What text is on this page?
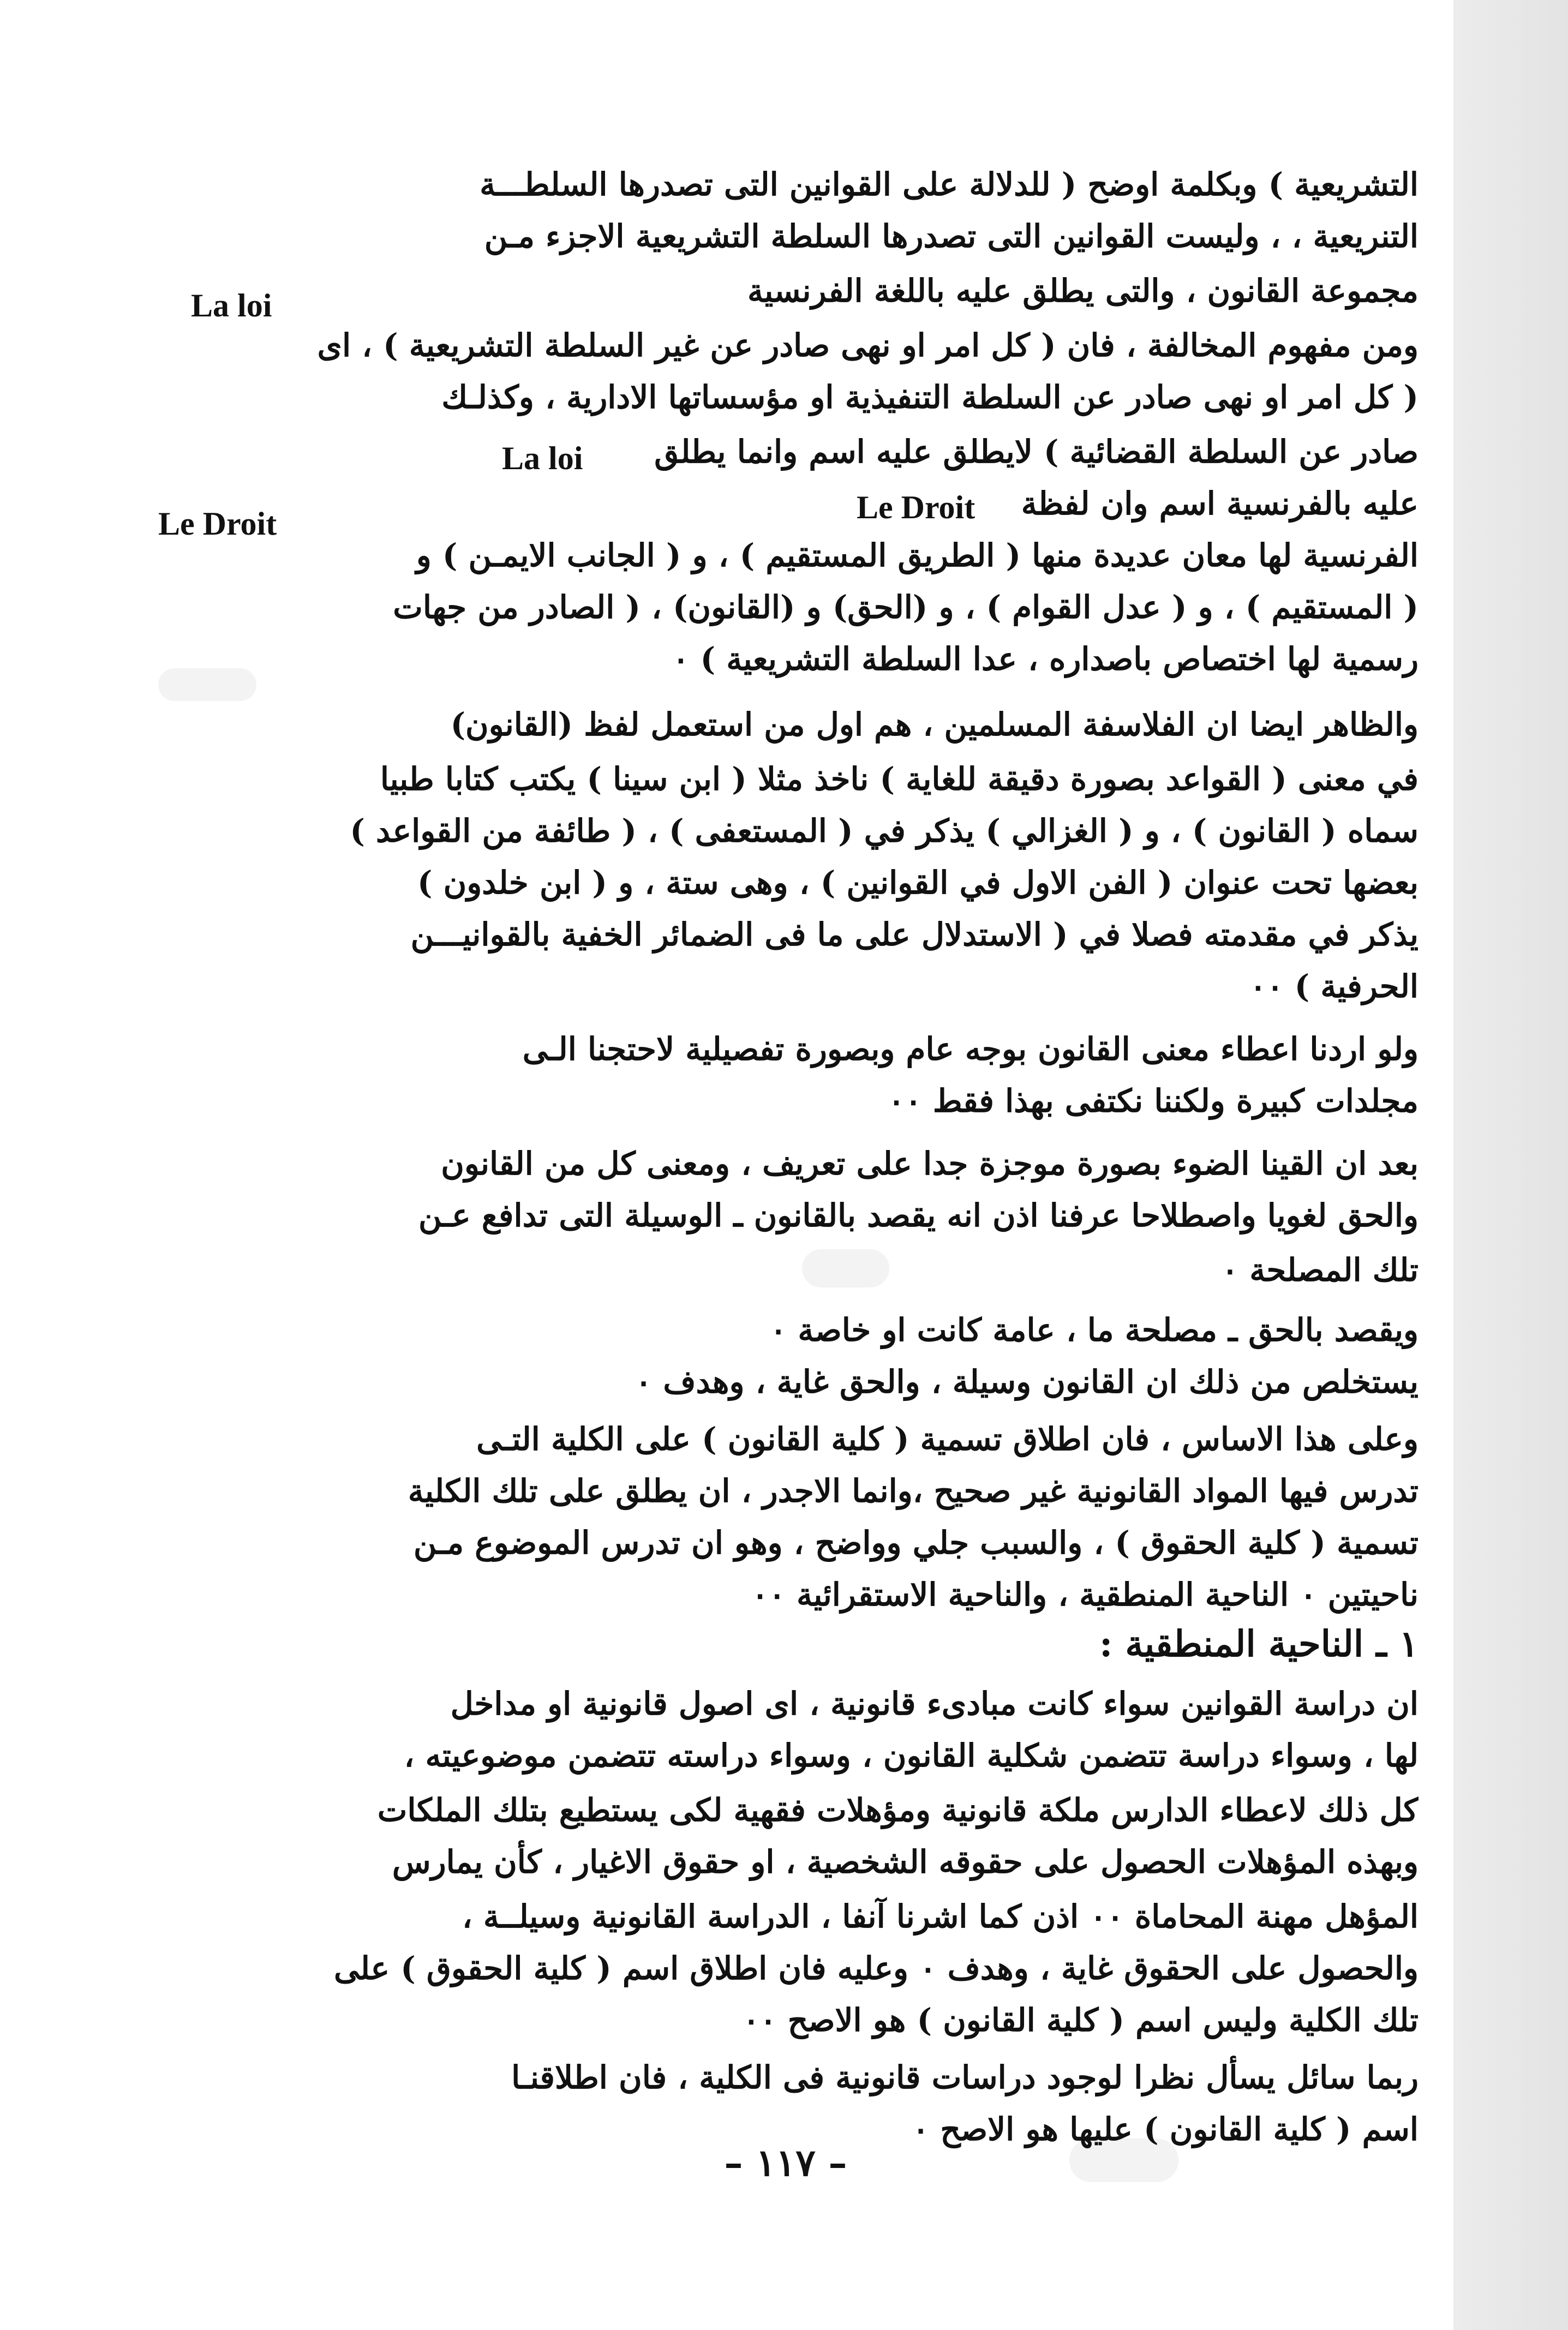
التشريعية ) وبكلمة اوضح ( للدلالة على القوانين التى تصدرها السلطـــة
التنريعية ، ، وليست القوانين التى تصدرها السلطة التشريعية الاجزء مـن
مجموعة القانون ، والتى يطلق عليه باللغة الفرنسية
ومن مفهوم المخالفة ، فان ( كل امر او نهى صادر عن غير السلطة التشريعية ) ، اى
( كل امر او نهى صادر عن السلطة التنفيذية او مؤسساتها الادارية ، وكذلـك
صادر عن السلطة القضائية ) لايطلق عليه اسم وانما يطلق
عليه بالفرنسية اسم وان لفظة
الفرنسية لها معان عديدة منها ( الطريق المستقيم ) ، و ( الجانب الايمـن ) و
( المستقيم ) ، و ( عدل القوام ) ، و (الحق) و (القانون) ، ( الصادر من جهات
رسمية لها اختصاص باصداره ، عدا السلطة التشريعية ) ٠
والظاهر ايضا ان الفلاسفة المسلمين ، هم اول من استعمل لفظ (القانون)
في معنى ( القواعد بصورة دقيقة للغاية ) ناخذ مثلا ( ابن سينا ) يكتب كتابا طبيا
سماه ( القانون ) ، و ( الغزالي ) يذكر في ( المستعفى ) ، ( طائفة من القواعد )
بعضها تحت عنوان ( الفن الاول في القوانين ) ، وهى ستة ، و ( ابن خلدون )
يذكر في مقدمته فصلا في ( الاستدلال على ما فى الضمائر الخفية بالقوانيـــن
الحرفية ) ٠٠
ولو اردنا اعطاء معنى القانون بوجه عام وبصورة تفصيلية لاحتجنا الـى
مجلدات كبيرة ولكننا نكتفى بهذا فقط ٠٠
بعد ان القينا الضوء بصورة موجزة جدا على تعريف ، ومعنى كل من القانون
والحق لغويا واصطلاحا عرفنا اذن انه يقصد بالقانون ـ الوسيلة التى تدافع عـن
تلك المصلحة ٠
ويقصد بالحق ـ مصلحة ما ، عامة كانت او خاصة ٠
يستخلص من ذلك ان القانون وسيلة ، والحق غاية ، وهدف ٠
وعلى هذا الاساس ، فان اطلاق تسمية ( كلية القانون ) على الكلية التـى
تدرس فيها المواد القانونية غير صحيح ،وانما الاجدر ، ان يطلق على تلك الكلية
تسمية ( كلية الحقوق ) ، والسبب جلي وواضح ، وهو ان تدرس الموضوع مـن
ناحيتين ٠ الناحية المنطقية ، والناحية الاستقرائية ٠٠
١ ـ الناحية المنطقية :
ان دراسة القوانين سواء كانت مبادىء قانونية ، اى اصول قانونية او مداخل
لها ، وسواء دراسة تتضمن شكلية القانون ، وسواء دراسته تتضمن موضوعيته ،
كل ذلك لاعطاء الدارس ملكة قانونية ومؤهلات فقهية لكى يستطيع بتلك الملكات
وبهذه المؤهلات الحصول على حقوقه الشخصية ، او حقوق الاغيار ، كأن يمارس
المؤهل مهنة المحاماة ٠٠ اذن كما اشرنا آنفا ، الدراسة القانونية وسيلــة ،
والحصول على الحقوق غاية ، وهدف ٠ وعليه فان اطلاق اسم ( كلية الحقوق ) على
تلك الكلية وليس اسم ( كلية القانون ) هو الاصح ٠٠
ربما سائل يسأل نظرا لوجود دراسات قانونية فى الكلية ، فان اطلاقنـا
اسم ( كلية القانون ) عليها هو الاصح ٠
La loi
La loi
Le Droit
Le Droit
– ١١٧ –
